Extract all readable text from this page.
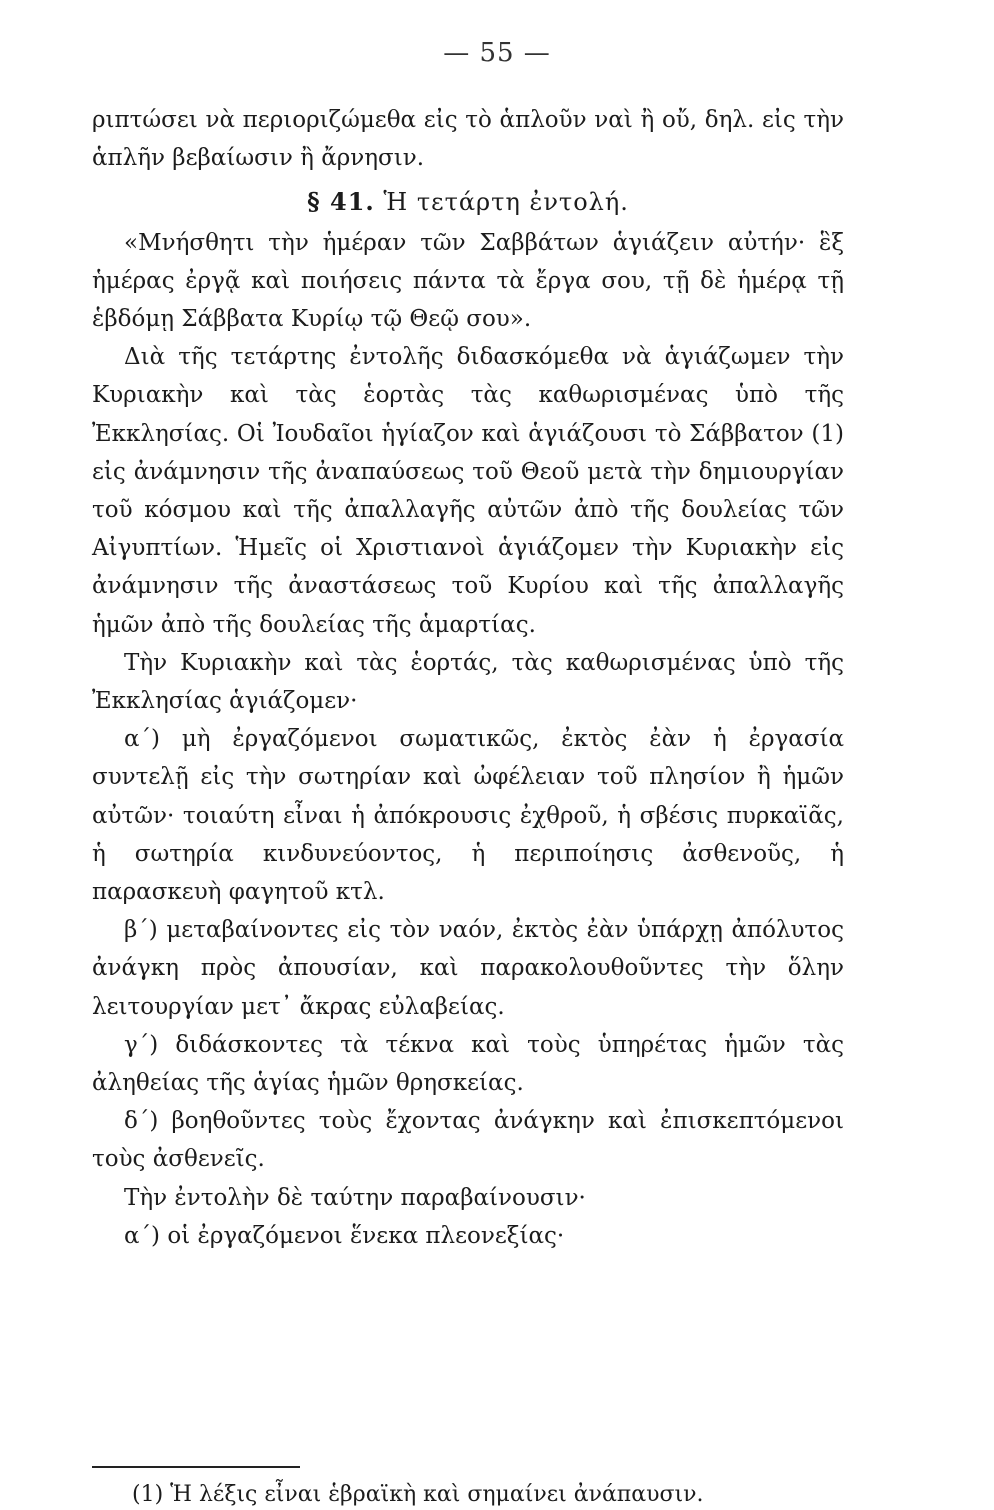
— 55 —

ριπτώσει νὰ περιοριζώμεθα εἰς τὸ ἁπλοῦν ναὶ ἢ οὔ, δηλ. εἰς τὴν ἁπλῆν βεβαίωσιν ἢ ἄρνησιν.

§ 41. Ἡ τετάρτη ἐντολή.

«Μνήσθητι τὴν ἡμέραν τῶν Σαββάτων ἁγιάζειν αὐτήν· ἓξ ἡμέρας ἐργᾷ καὶ ποιήσεις πάντα τὰ ἔργα σου, τῇ δὲ ἡμέρᾳ τῇ ἑβδόμῃ Σάββατα Κυρίῳ τῷ Θεῷ σου».

Διὰ τῆς τετάρτης ἐντολῆς διδασκόμεθα νὰ ἁγιάζωμεν τὴν Κυριακὴν καὶ τὰς ἑορτὰς τὰς καθωρισμένας ὑπὸ τῆς Ἐκκλησίας. Οἱ Ἰουδαῖοι ἡγίαζον καὶ ἁγιάζουσι τὸ Σάββατον (1) εἰς ἀνάμνησιν τῆς ἀναπαύσεως τοῦ Θεοῦ μετὰ τὴν δημιουργίαν τοῦ κόσμου καὶ τῆς ἀπαλλαγῆς αὐτῶν ἀπὸ τῆς δουλείας τῶν Αἰγυπτίων. Ἡμεῖς οἱ Χριστιανοὶ ἁγιάζομεν τὴν Κυριακὴν εἰς ἀνάμνησιν τῆς ἀναστάσεως τοῦ Κυρίου καὶ τῆς ἀπαλλαγῆς ἡμῶν ἀπὸ τῆς δουλείας τῆς ἁμαρτίας.

Τὴν Κυριακὴν καὶ τὰς ἑορτάς, τὰς καθωρισμένας ὑπὸ τῆς Ἐκκλησίας ἁγιάζομεν·

α΄) μὴ ἐργαζόμενοι σωματικῶς, ἐκτὸς ἐὰν ἡ ἐργασία συντελῇ εἰς τὴν σωτηρίαν καὶ ὠφέλειαν τοῦ πλησίον ἢ ἡμῶν αὐτῶν· τοιαύτη εἶναι ἡ ἀπόκρουσις ἐχθροῦ, ἡ σβέσις πυρκαϊᾶς, ἡ σωτηρία κινδυνεύοντος, ἡ περιποίησις ἀσθενοῦς, ἡ παρασκευὴ φαγητοῦ κτλ.

β΄) μεταβαίνοντες εἰς τὸν ναόν, ἐκτὸς ἐὰν ὑπάρχῃ ἀπόλυτος ἀνάγκη πρὸς ἀπουσίαν, καὶ παρακολουθοῦντες τὴν ὅλην λειτουργίαν μετ᾽ ἄκρας εὐλαβείας.

γ΄) διδάσκοντες τὰ τέκνα καὶ τοὺς ὑπηρέτας ἡμῶν τὰς ἀληθείας τῆς ἁγίας ἡμῶν θρησκείας.

δ΄) βοηθοῦντες τοὺς ἔχοντας ἀνάγκην καὶ ἐπισκεπτόμενοι τοὺς ἀσθενεῖς.

Τὴν ἐντολὴν δὲ ταύτην παραβαίνουσιν·

α΄) οἱ ἐργαζόμενοι ἕνεκα πλεονεξίας·

(1) Ἡ λέξις εἶναι ἑβραϊκὴ καὶ σημαίνει ἀνάπαυσιν.
